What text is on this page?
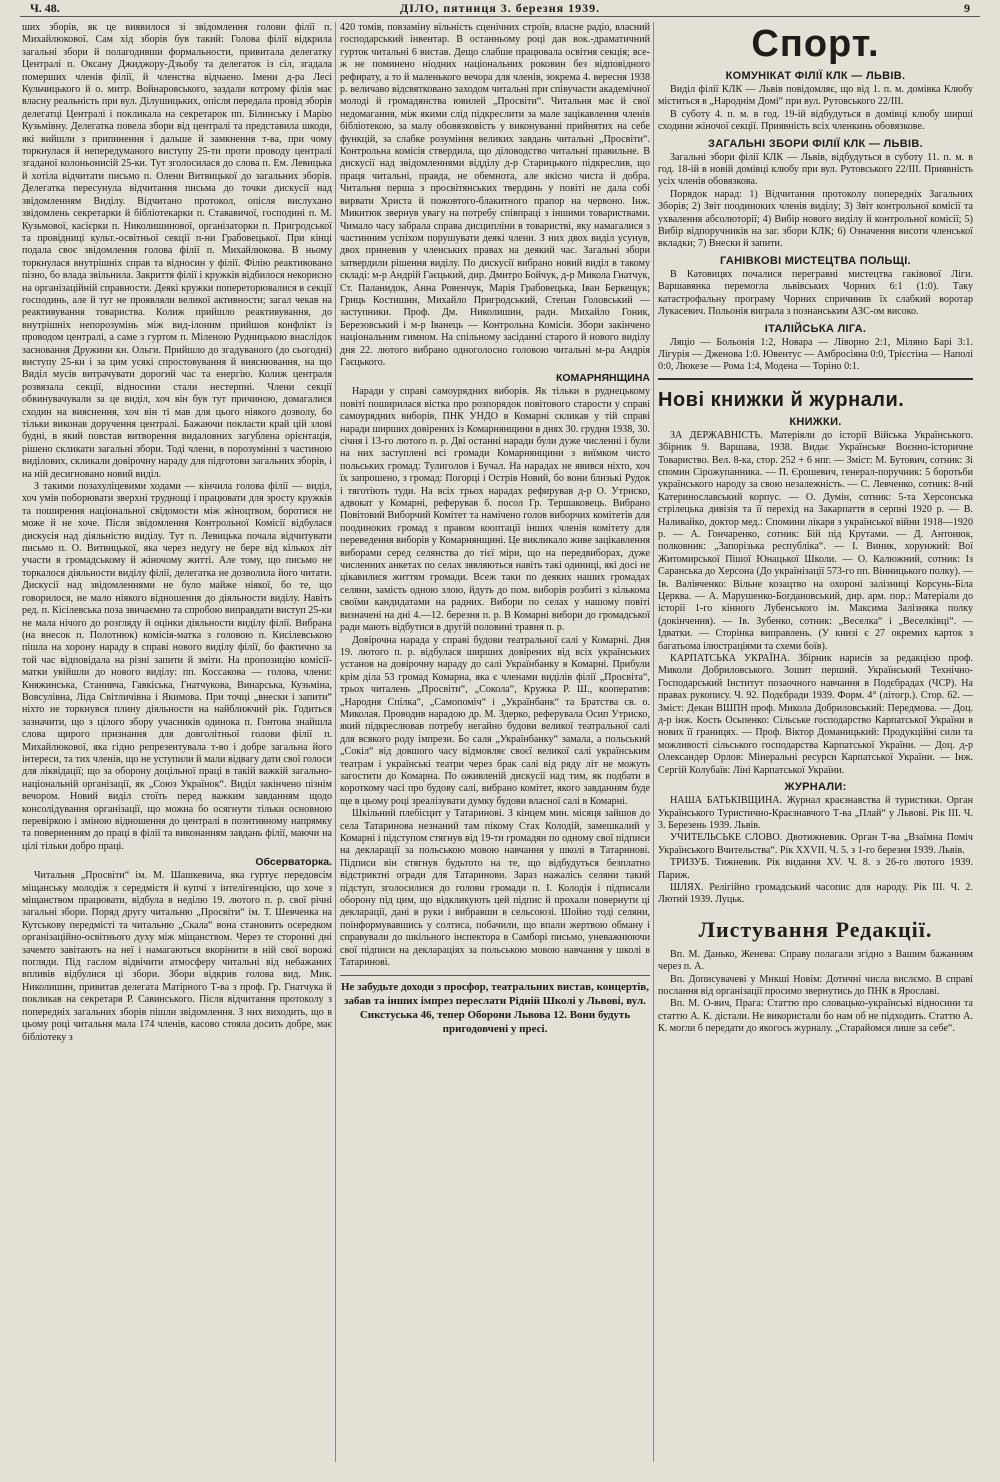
Ч. 48.	ДІЛО, пятниця 3. березня 1939.	9

ших зборів, як це виявилося зі звідомлення голови філії п. Михайлюкової. Сам хід зборів був такий: Голова філії відкрила загальні збори й полагодивши формальности, привитала делегатку Централі п. Оксану Джиджору-Дзьобу та делегаток із сіл, згадала померших членів філії, й членства відчаено. Імени д-ра Лесі Кульчицького й о. митр. Войнаровського, заздали котрому філія має власну реальність при вул. Ділушицьких, опісля передала провід зборів делегатці Централі і покликала на секретарок пп. Білинську і Марію Кузьмівну. Делегатка повела збори від централі та представила шкоди, які вийшли з припинення і дальше й замкнення т-ва, при чому торкнулася й непередуманого виступу 25-ти проти проводу централі згаданої колоньонисій 25-ки. Тут зголосилася до слова п. Ем. Левицька й хотіла відчитати письмо п. Олени Витвицької до загальних зборів. Делегатка пересунула відчитання письма до точки дискусії над звідомленням Виділу. Відчитано протокол, опісля вислухано звідомлень секретарки й бібліотекарки п. Стававичої, господині п. М. Кузьмової, касієрки п. Николишинової, організаторки п. Пригродської та провідниці культ.-освітньої секції п-ни Грабовецької. При кінці подала своє звідомлення голова філії п. Михайлюкова. В ньому торкнулася внутрішніх справ та відносин у філії. Філію реактивовано пізно, бо влада звільнила. Закриття філії і кружків відбилося некорисно на організаційній справности. Деякі кружки попереторювалися в секції господинь, але й тут не проявляли великої активности; загал чекав на реактивування товариства. Колиж прийшло реактивування, до внутрішніх непорозумінь між вид-ілоним прийшов конфлікт із проводом централі, а саме з гуртом п. Міленою Рудницькою внаслідок засновання Дружини кн. Ольги. Прийшло до згадуваного (до сьогодні) виступу 25-ки і за цим усякі спростовування й вияснювання, на що Виділ мусів витрачувати дорогий час та енергію. Колиж централя розвязала секції, відносини стали нестерпні. Члени секції обвинувачували за це виділ, хоч він був тут причиною, домагалися сходин на вияснення, хоч він ті мав для цього ніякого дозволу, бо тільки виконав доручення централі. Бажаючи покласти край цій злові будні, в який повстав витворення видаловних загублена орієнтація, рішено скликати загальні збори. Тоді члени, в порозумінні з частиною виділових, скликали довірочну нараду для підготови загальних зборів, і на ній десигновано новий виділ.

З такими позахуліцевими ходами — кінчила голова філії — виділ, хоч умів поборювати зверхні труднощі і працювати для зросту кружків та поширення національної свідомости між жіноцтвом, боротися не може й не хоче. Після звідомлення Контрольної Комісії відбулася дискусія над діяльністю виділу. Тут п. Левицька почала відчитувати письмо п. О. Витвицької, яка через недугу не бере від кількох літ участи в громадському й жіночому житті. Але тому, що письмо не торкалося діяльности виділу філії, делегатка не дозволила його читати. Дискусії над звідомленнями не було майже ніякої, бо те, що говорилося, не мало ніякого відношення до діяльности виділу. Навіть ред. п. Кісілевська поза звичаємно та спробою виправдати виступ 25-ки не мала нічого до розгляду й оцінки діяльности виділу філії. Вибрана (на внесок п. Полотнюк) комісія-матка з головою п. Кисілевською пішла на хорону нараду в справі нового виділу філії, бо фактично за той час відповідала на різні запити й зміти. На пропозицію комісії-матки увійшли до нового виділу: пп. Коссакова — голова, члени: Княжинська, Станивча, Гавкіська, Гнатчукова, Винарська, Кузьміна, Вовсулівна, Ліда Світличівна і Якимова. При точці „внески і запити“ ніхто не торкнувся плину діяльности на найближчий рік. Годиться зазначити, що з цілого збору учасників одинока п. Гонтова знайшла слова щирого признання для довголітньої голови філії п. Михайлюкової, яка гідно репрезентувала т-во і добре загальна його інтереси, та тих членів, що не уступили й мали відвагу дати свої голоси для ліквідації; що за оборону доцільної праці в такій важкій загально-національній організації, як „Союз Українок“. Виділ закінчено пізнім вечором. Новий виділ стоїть перед важким завданням щодо консолідування організації, що можна бо осягнути тільки основною перевіркою і зміною відношення до централі в позитивному напрямку та поверненням до праці в філії та виконанням завдань філії, маючи на цілі тільки добро праці.

Обсерваторка.

Читальня „Просвіти“ ім. М. Шашкевича, яка гуртує передовсім міщанську молодіж з середмістя й купчі з інтелігенцією, що хоче з міщанством працювати, відбула в неділю 19. лютого п. р. свої річні загальні збори. Поряд другу читальню „Просвіти“ ім. Т. Шевченка на Кутськову передмісті та читальню „Скала“ вона становить осередком організаційно-освітнього духу між міщанством. Через те сторонні дні зачемто завітають на неї і намагаються вкорінити в ній свої ворожі погляди. Під гаслом відвічити атмосферу читальні від небажаних впливів відбулися ці збори. Збори відкрив голова вид. Мик. Николишин, привитав делегата Матірного Т-ва з проф. Гр. Гнатчука й покликав на секретаря Р. Савинського. Після відчитання протоколу з попередніх загальних зборів пішли звідомлення. З них виходить, що в цьому році читальня мала 174 членів, касово стояла досить добре, має бібліотеку з

420 томів, повзаміну вільність сценічних строїв, власне радіо, власний господарський інвентар. В останньому році дав вок.-драматичний гурток читальні 6 вистав. Дещо слабше працювала освітня секція; все-ж не поминено ніодних національних роковин без відповідного рефирату, а то й маленького вечора для членів, зокрема 4. вересня 1938 р. величаво відсвятковано заходом читальні при співучасти академічної молоді й громадянства ювилей „Просвіти“. Читальня має й свої недомагання, між якими слід підкреслити за мале зацікавлення членів бібліотекою, за малу обовязковість у виконуванні прийнятих на себе функцій, за слабке розуміння великих завдань читальні „Просвіти“. Контрольна комісія ствердила, що діловодство читальні правильне. В дискусії над звідомленнями відділу д-р Старицького підкреслив, що праця читальні, правда, не обемнота, але якісно чиста й добра. Читальня перша з просвітянських твердинь у повіті не дала собі вирвати Христа й пожовтого-блакитного прапор на червоно. Інж. Микитюк звернув увагу на потребу співпраці з іншими товариствами. Чимало часу забрала справа дисципліни в товаристві, яку намагалися з частинним успіхом порушувати деякі члени. З них двох виділ усунув, двох приневив у членських правах на деякий час. Загальні збори затвердили рішення виділу. По дискусії вибрано новий виділ в такому складі: м-р Андрій Гаєцький, дир. Дмитро Бойчук, д-р Микола Гнатчук, Ст. Паланидок, Анна Ровенчук, Марія Грабовецька, Іван Беркещук; Гриць Костишин, Михайло Пригродський, Степан Головський — заступники. Проф. Дм. Николишин, радн. Михайло Гоник, Березовський і м-р Іванець — Контрольна Комісія. Збори закінчено національним гимном. На спільному засіданні старого й нового виділу дня 22. лютого вибрано одноголосно головою читальні м-ра Андрія Гаєцького.

КОМАРНЯНЩИНА

Наради у справі самоурядних виборів. Як тільки в руднецькому повіті поширилася вістка про розпорядок повітового старости у справі самоурядних виборів, ПНК УНДО в Комарні скликав у тій справі наради ширших довірених із Комарнянщини в днях 30. грудня 1938, 30. січня і 13-го лютого п. р. Дві останні наради були дуже численні і були на них заступлені всі громади Комарнянщини з виїмком чисто польських громад: Тулиголов і Бучал. На нарадах не явився ніхто, хоч їх запрошено, з громад: Погорці і Острів Новий, бо вони близькі Рудок і тяготіють туди. На всіх трьох нарадах рефирував д-р О. Утриско, адвокат у Комарні, реферував б. посол Гр. Тершаковець. Вибрано Повітовий Виборчий Комітет та намічено голов виборчих комітетів для поодиноких громад з правом кооптації інших членів комітету для переведення виборів у Комарнянщині. Це викликало живе зацікавлення виборами серед селянства до тієї міри, що на передвиборах, дуже численних анкетах по селах зявляються навіть такі одиниці, які досі не цікавилися життям громади. Всеж таки по деяких наших громадах селяни, замість одною злою, йдуть до пом. виборів розбиті з кількома своїми кандидатами на радних. Вибори по селах у нашому повіті визначені на дні 4.—12. березня п. р. В Комарні вибори до громадської ради мають відбутися в другій половині травня п. р.

Довірочна нарада у справі будови театральної салі у Комарні. Дня 19. лютого п. р. відбулася ширших довірених від всіх українських установ на довірочну нараду до салі Українбанку в Комарні. Прибули крім діла 53 громад Комарна, яка є членами виділів філії „Просвіта“, трьох читалень „Просвіти“, „Сокола“, Кружка Р. Ш., кооператив: „Народня Спілка“, „Самопоміч“ і „Українбанк“ та Братства св. о. Миколая. Проводив нарадою др. М. Здерко, реферувала Осип Утриско, який підкреслював потребу негайно будови великої театральної салі для всякого роду імпрези. Бо саля „Українбанку“ замала, а польський „Сокіл“ від довшого часу відмовляє своєї великої салі українським театрам і українські театри через брак салі від ряду літ не можуть загостити до Комарна. По оживленій дискусії над тим, як подбати в короткому часі про будову салі, вибрано комітет, якого завданням буде ще в цьому році зреалізувати думку будови власної салі в Комарні.

Шкільний плебісцит у Татаринові. З кінцем мин. місяця зайшов до села Татаринова незнаний там пікому Стах Колодій, замешкалий у Комарні і підступом стягнув від 19-ти громадян по одному свої підписи на декларації за польською мовою навчання у школі в Татаринові. Підписи він стягнув будьтото на те, що відбудуться безплатно відстриктні огради для Татаринови. Зараз нажалісь селяни такий підступ, зголосилися до голови громади п. І. Колодія і підписали оборону під цим, що відкликують цей підпис й прохали повернути ці декларації, дані в руки і вибравши в сельсоюзі. Шойно тоді селяни, поінформувавшись у солтиса, побачили, що впали жертвою обману і справували до шкільного інспектора в Самборі письмо, уневажнюючи свої підписи на деклараціях за польською мовою навчання у школі в Татаринові.

Не забудьте доходи з просфор, театральних вистав, концертів, забав та інших імпрез переслати Рідній Школі у Львові, вул. Сикстуська 46, тепер Оборони Львова 12. Вони будуть пригодовчені у пресі.

Спорт.
КОМУНІКАТ ФІЛІЇ КЛК — ЛЬВІВ.

Виділ філії КЛК — Львів повідомляє, що від 1. п. м. домівка Клюбу міститься в „Народнім Домі“ при вул. Рутовського 22/ІІІ.

В суботу 4. п. м. в год. 19-ій відбудуться в домівці клюбу ширші сходини жіночої секції. Приявність всіх членкинь обовязкове.

ЗАГАЛЬНІ ЗБОРИ ФІЛІЇ КЛК — ЛЬВІВ.

Загальні збори філії КЛК — Львів, відбудуться в суботу 11. п. м. в год. 18-ій в новій домівці клюбу при вул. Рутовського 22/ІІІ. Приявність усіх членів обовязкова.

Порядок нарад: 1) Відчитання протоколу попередніх Загальних Зборів; 2) Звіт поодиноких членів виділу; 3) Звіт контрольної комісії та ухвалення абсолюторії; 4) Вибір нового виділу й контрольної комісії; 5) Вибір відпоручників на заг. збори КЛК; 6) Означення висоти членської вкладки; 7) Внески й запити.

ГАНІВКОВІ МИСТЕЦТВА ПОЛЬЩІ.

В Катовицях почалися перегравні мистецтва гаківової Ліги. Варшавянка перемогла львівських Чорних 6:1 (1:0). Таку катастрофальну програму Чорних спричинив їх слабкий воротар Лукасевич. Польонія виграла з познанським АЗС-ом високо.

ІТАЛІЙСЬКА ЛІГА.

Ляціо — Больонія 1:2, Новара — Ліворно 2:1, Міляно Барі 3:1. Лігурія — Дженова 1:0. Ювентус — Амбросіяна 0:0, Трієстіна — Наполі 0:0, Люкезе — Рома 1:4, Модена — Торіно 0:1.

Нові книжки й журнали.
КНИЖКИ.

ЗА ДЕРЖАВНІСТЬ. Матеріяли до історії Війська Українського. Збірник 9. Варшава, 1938. Видає Українське Воєнно-історичне Товариство. Вел. 8-ка, стор. 252 + 6 нпг. — Зміст: М. Бутович, сотник: Зі спомин Сірожупанника. — П. Єрошевич, генерал-поручник: 5 боротьби українського народу за свою незалежність. — С. Левченко, сотник: 8-ий Катеринославський корпус. — О. Думін, сотник: 5-та Херсонська стрілецька дивізія та її перехід на Закарпаття в серпні 1920 р. — В. Наливайко, доктор мед.: Спомини лікаря з української війни 1918—1920 р. — А. Гончаренко, сотник: Бій під Крутами. — Д. Антонюк, полковник: „Запорізька республіка“. — І. Виник, хорунжий: Вої Житомирської Пішої Юнацької Школи. — О. Калюжний, сотник: Із Саранська до Херсона (До українізації 573-го пп. Вінницького полку). — Ів. Валівченко: Вільне козацтво на охороні залізниці Корсунь-Біла Церква. — А. Марушенко-Богдановський, дир. арм. пор.: Матеріали до історії 1-го кінного Лубенського ім. Максима Залізняка полку (докінчення). — Ів. Зубенко, сотник: „Веселка“ і „Веселківці“. — Ідватки. — Сторінка виправлень. (У книзі є 27 окремих карток з багатьома ілюстраціями та схеми боїв).

КАРПАТСЬКА УКРАЇНА. Збірник нарисів за редакцією проф. Миколи Добриловського. Зошит перший. Український Технічно-Господарський Інститут позаочного навчання в Подєбрадах (ЧСР). На правах рукопису. Ч. 92. Подєбради 1939. Форм. 4° (літогр.). Стор. 62. — Зміст: Декан ВШПН проф. Микола Добриловський: Передмова. — Доц. д-р інж. Кость Осьпенко: Сільське господарство Карпатської України в нових її границях. — Проф. Віктор Доманицький: Продукційні сили та можливості сільського господарства Карпатської України. — Доц. д-р Олександер Орлов: Мінеральні ресурси Карпатської України. — Інж. Сергій Колубаїв: Ліні Карпатської України.

ЖУРНАЛИ:

НАША БАТЬКІВЩИНА. Журнал краєзнавства й туристики. Орган Українського Туристично-Краєзнавчого Т-ва „Плай“ у Львові. Рік ІІІ. Ч. 3. Березень 1939. Львів.

УЧИТЕЛЬСЬКЕ СЛОВО. Двотижневик. Орган Т-ва „Взаїмна Поміч Українського Вчительства“. Рік XXVII. Ч. 5. з 1-го березня 1939. Львів.

ТРИЗУБ. Тижневик. Рік видання XV. Ч. 8. з 26-го лютого 1939. Париж.

ШЛЯХ. Релігійно громадський часопис для народу. Рік ІІІ. Ч. 2. Лютий 1939. Луцьк.

Листування Редакції.

Вп. М. Данько, Женева: Справу полагали згідно з Вашим бажанням через п. А.

Вп. Дописувачеві у Мнкші Новім: Дотичні числа вислємо. В справі послання від організації просимо звернутись до ПНК в Ярославі.

Вп. М. О-вич, Прага: Статтю про словацько-українські відносини та статтю А. К. дістали. Не використали бо нам об не підходить. Статтю А. К. могли б передати до якогось журналу. „Старайомся лише за себе“.
